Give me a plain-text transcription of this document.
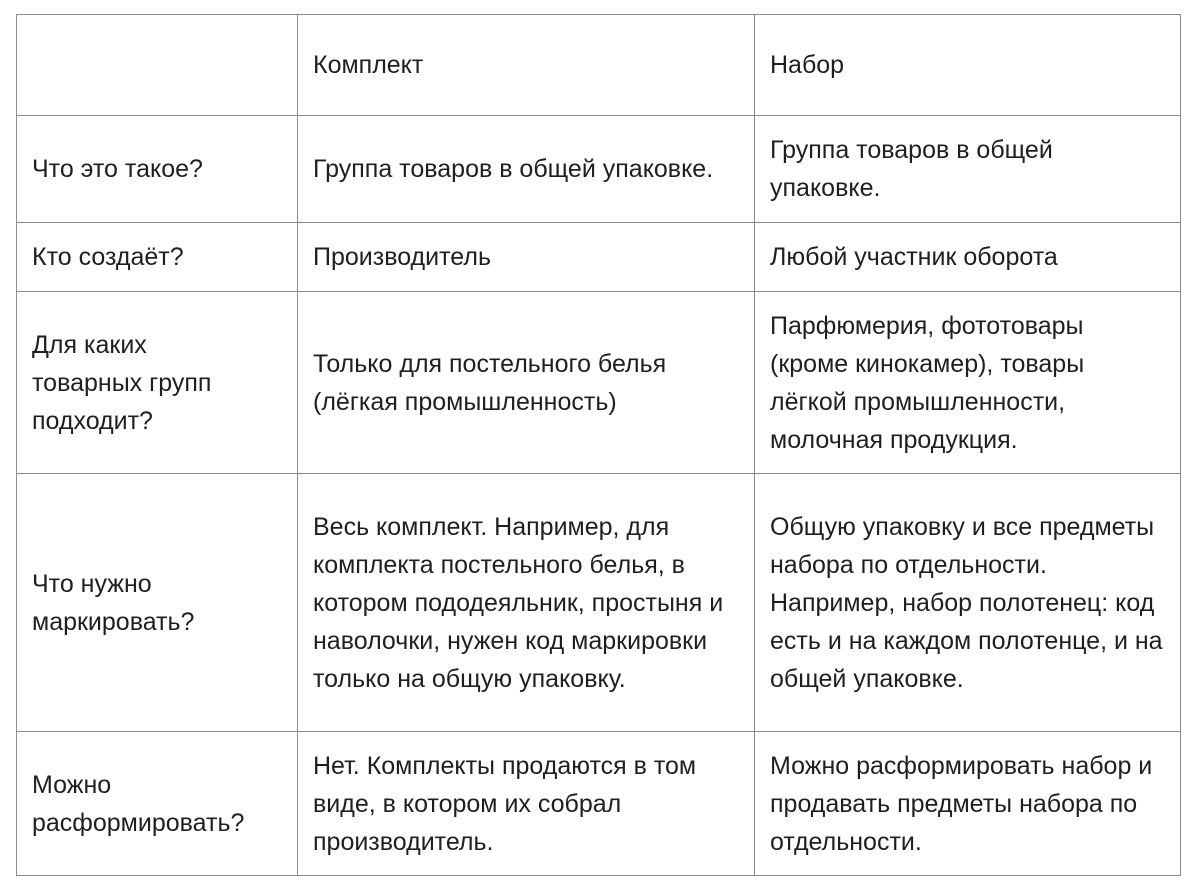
	Комплект	Набор

Что это такое?	Группа товаров в общей упаковке.	Группа товаров в общей упаковке.

Кто создаёт?	Производитель	Любой участник оборота

Для каких товарных групп подходит?	Только для постельного белья (лёгкая промышленность)	Парфюмерия, фототовары (кроме кинокамер), товары лёгкой промышленности, молочная продукция.

Что нужно маркировать?	Весь комплект. Например, для комплекта постельного белья, в котором пододеяльник, простыня и наволочки, нужен код маркировки только на общую упаковку.	Общую упаковку и все предметы набора по отдельности. Например, набор полотенец: код есть и на каждом полотенце, и на общей упаковке.

Можно расформировать?	Нет. Комплекты продаются в том виде, в котором их собрал производитель.	Можно расформировать набор и продавать предметы набора по отдельности.
